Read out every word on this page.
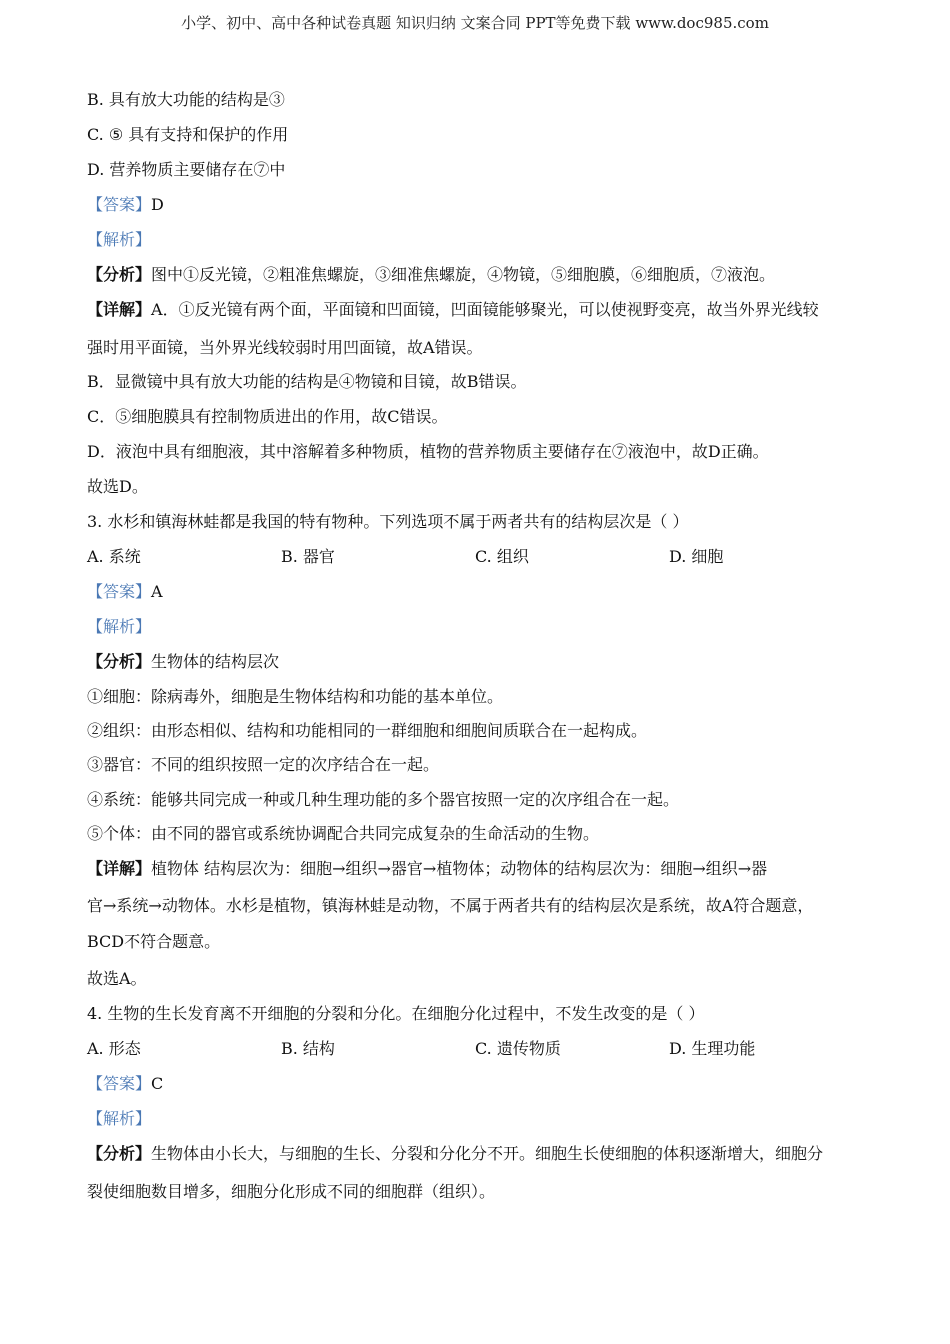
小学、初中、高中各种试卷真题 知识归纳 文案合同 PPT等免费下载 www.doc985.com
B. 具有放大功能的结构是③
C. ⑤ 具有支持和保护的作用
D. 营养物质主要储存在⑦中
【答案】D
【解析】
【分析】图中①反光镜，②粗准焦螺旋，③细准焦螺旋，④物镜，⑤细胞膜，⑥细胞质，⑦液泡。
【详解】A．①反光镜有两个面，平面镜和凹面镜，凹面镜能够聚光，可以使视野变亮，故当外界光线较
强时用平面镜，当外界光线较弱时用凹面镜，故A错误。
B．显微镜中具有放大功能的结构是④物镜和目镜，故B错误。
C．⑤细胞膜具有控制物质进出的作用，故C错误。
D．液泡中具有细胞液，其中溶解着多种物质，植物的营养物质主要储存在⑦液泡中，故D正确。
故选D。
3. 水杉和镇海林蛙都是我国的特有物种。下列选项不属于两者共有的结构层次是（ ）
A. 系统	B. 器官	C. 组织	D. 细胞
【答案】A
【解析】
【分析】生物体的结构层次
①细胞：除病毒外，细胞是生物体结构和功能的基本单位。
②组织：由形态相似、结构和功能相同的一群细胞和细胞间质联合在一起构成。
③器官：不同的组织按照一定的次序结合在一起。
④系统：能够共同完成一种或几种生理功能的多个器官按照一定的次序组合在一起。
⑤个体：由不同的器官或系统协调配合共同完成复杂的生命活动的生物。
【详解】植物体 结构层次为：细胞→组织→器官→植物体；动物体的结构层次为：细胞→组织→器
官→系统→动物体。水杉是植物，镇海林蛙是动物，不属于两者共有的结构层次是系统，故A符合题意，
BCD不符合题意。
故选A。
4. 生物的生长发育离不开细胞的分裂和分化。在细胞分化过程中，不发生改变的是（ ）
A. 形态	B. 结构	C. 遗传物质	D. 生理功能
【答案】C
【解析】
【分析】生物体由小长大，与细胞的生长、分裂和分化分不开。细胞生长使细胞的体积逐渐增大，细胞分
裂使细胞数目增多，细胞分化形成不同的细胞群（组织）。
